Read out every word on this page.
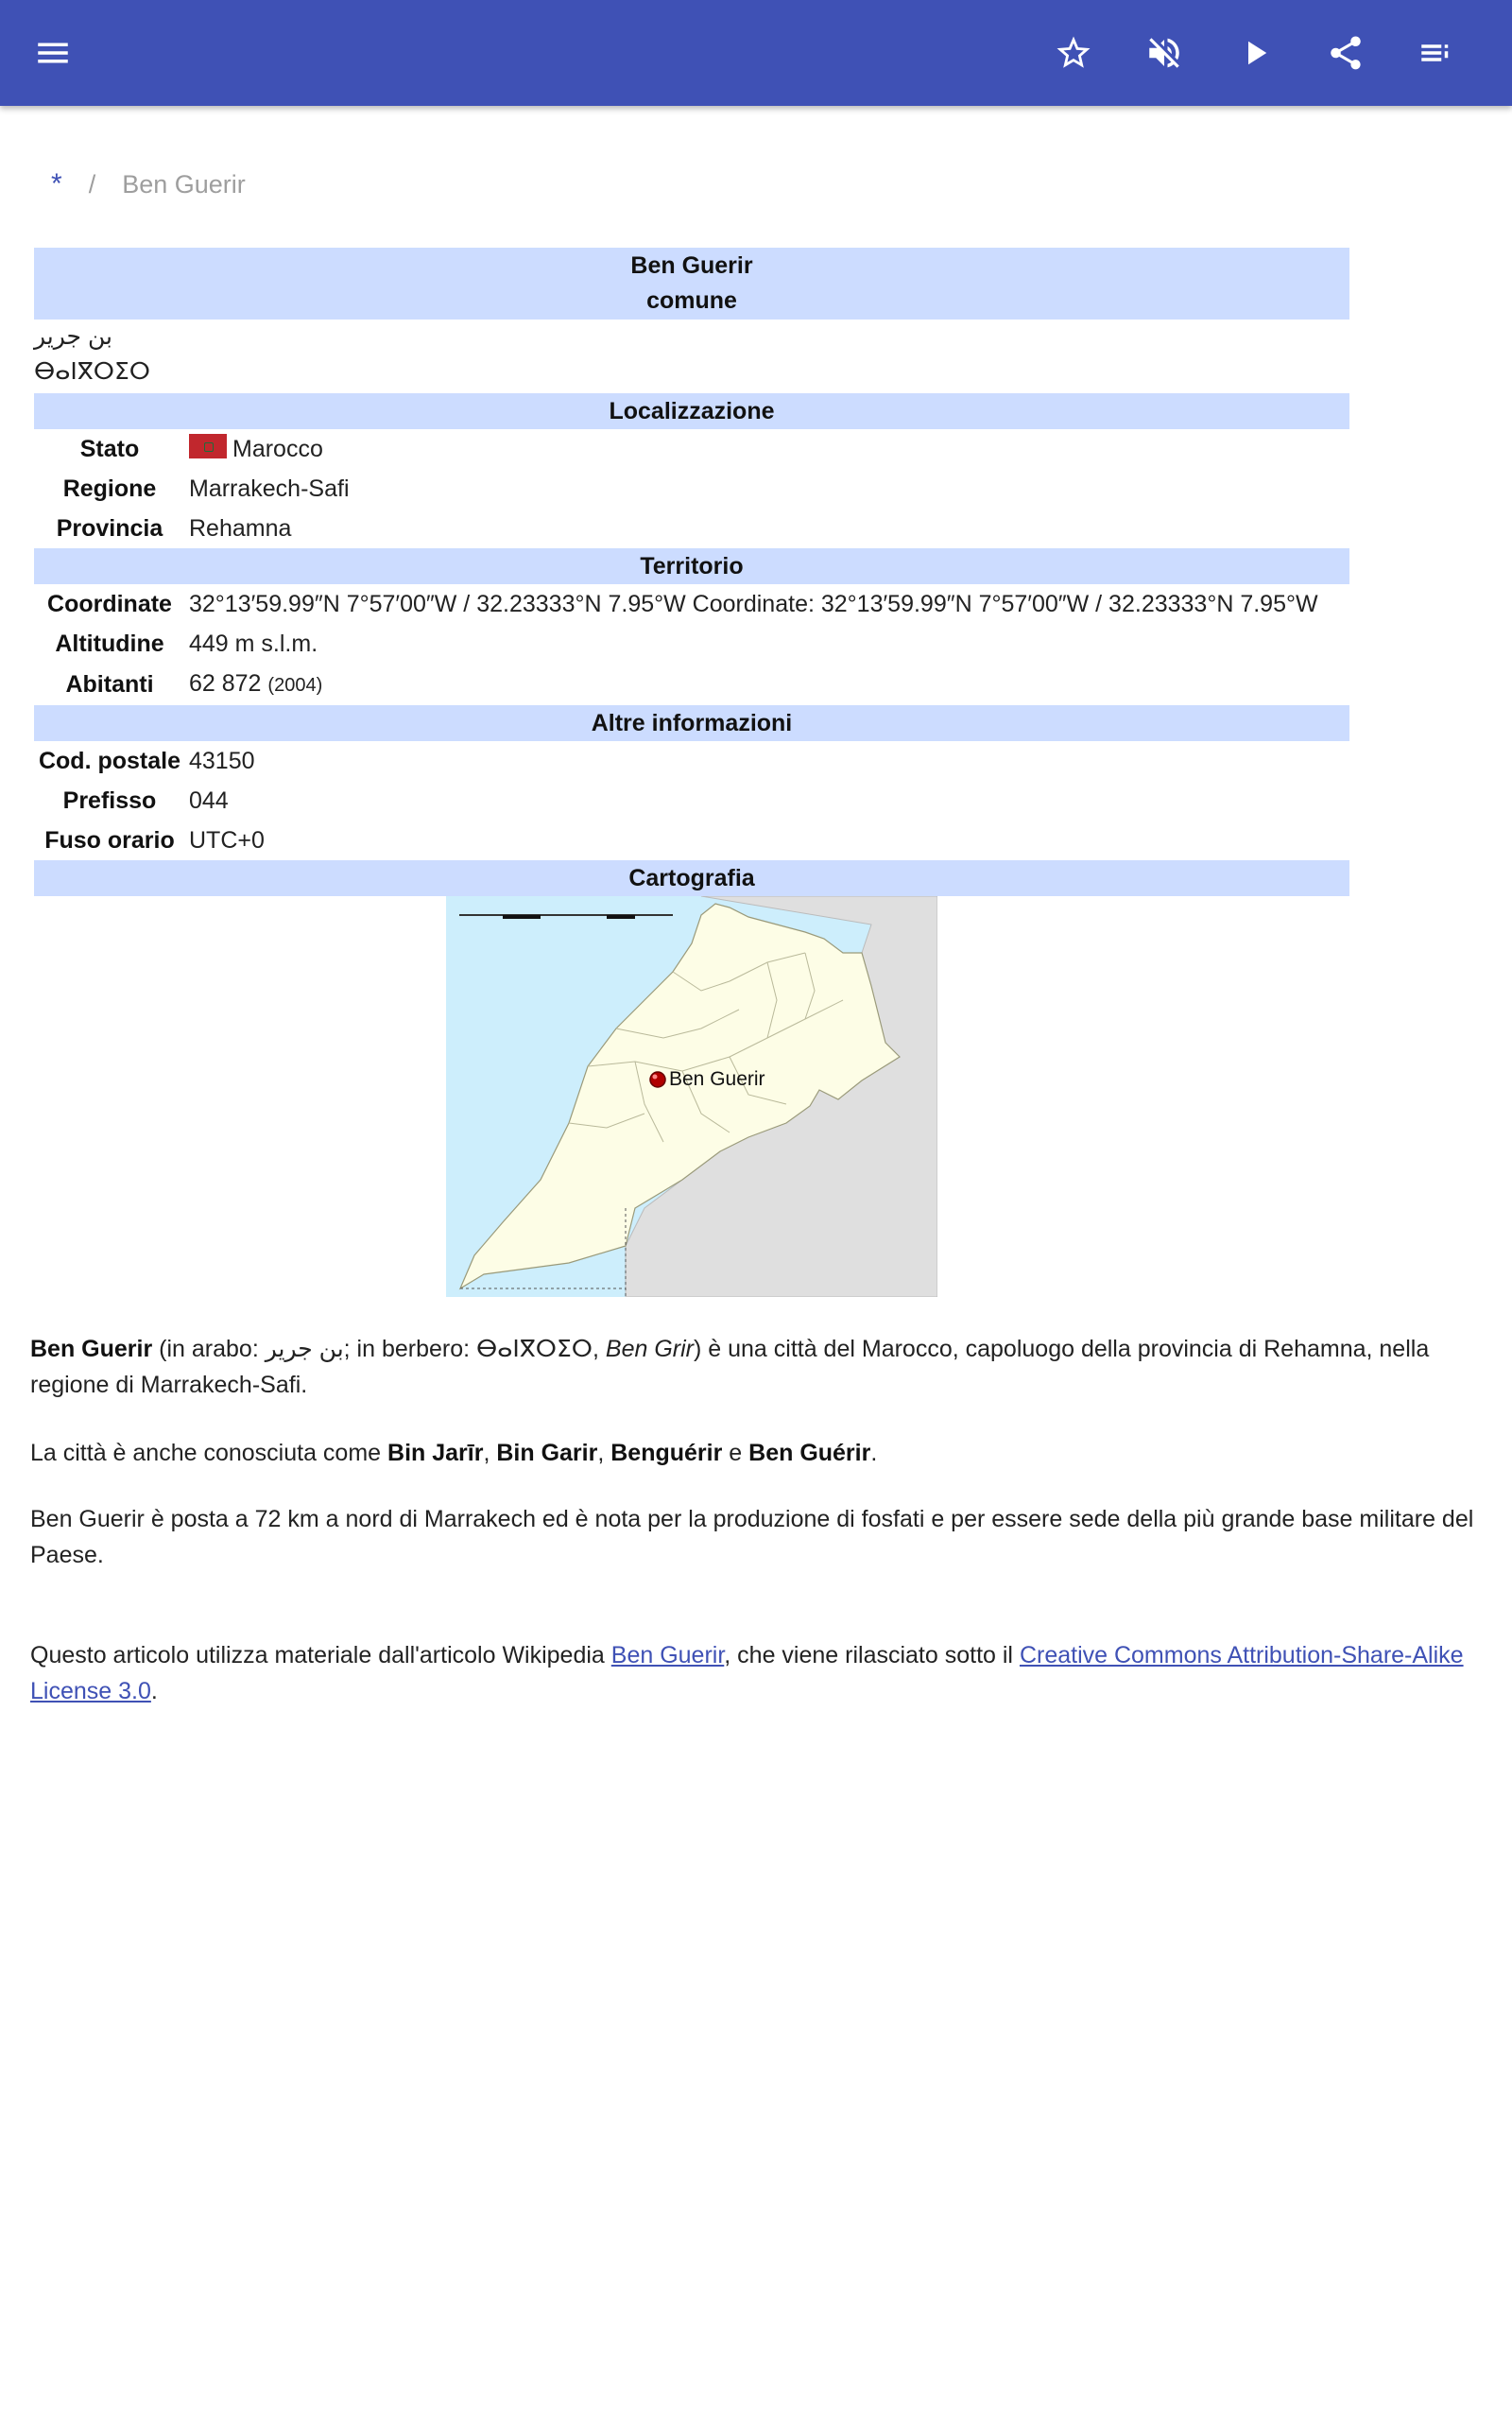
* / Ben Guerir
Ben Guerir
comune	
بن جرير
ⴱⴰⵏⴳⵔⵉⵔ	
Localizzazione	
Stato	Marocco
Regione	Marrakech-Safi
Provincia	Rehamna
Territorio	
Coordinate	32°13′59.99″N 7°57′00″W / 32.23333°N 7.95°W Coordinate: 32°13′59.99″N 7°57′00″W / 32.23333°N 7.95°W
Altitudine	449 m s.l.m.
Abitanti	62 872 (2004)
Altre informazioni	
Cod. postale	43150
Prefisso	044
Fuso orario	UTC+0
Cartografia	

Ben Guerir	
Ben Guerir (in arabo: بن جرير; in berbero: ⴱⴰⵏⴳⵔⵉⵔ, Ben Grir) è una città del Marocco, capoluogo della provincia di Rehamna, nella regione di Marrakech-Safi.
La città è anche conosciuta come Bin Jarīr, Bin Garir, Benguérir e Ben Guérir.
Ben Guerir è posta a 72 km a nord di Marrakech ed è nota per la produzione di fosfati e per essere sede della più grande base militare del Paese.
Questo articolo utilizza materiale dall'articolo Wikipedia Ben Guerir, che viene rilasciato sotto il Creative Commons Attribution-Share-Alike License 3.0.
